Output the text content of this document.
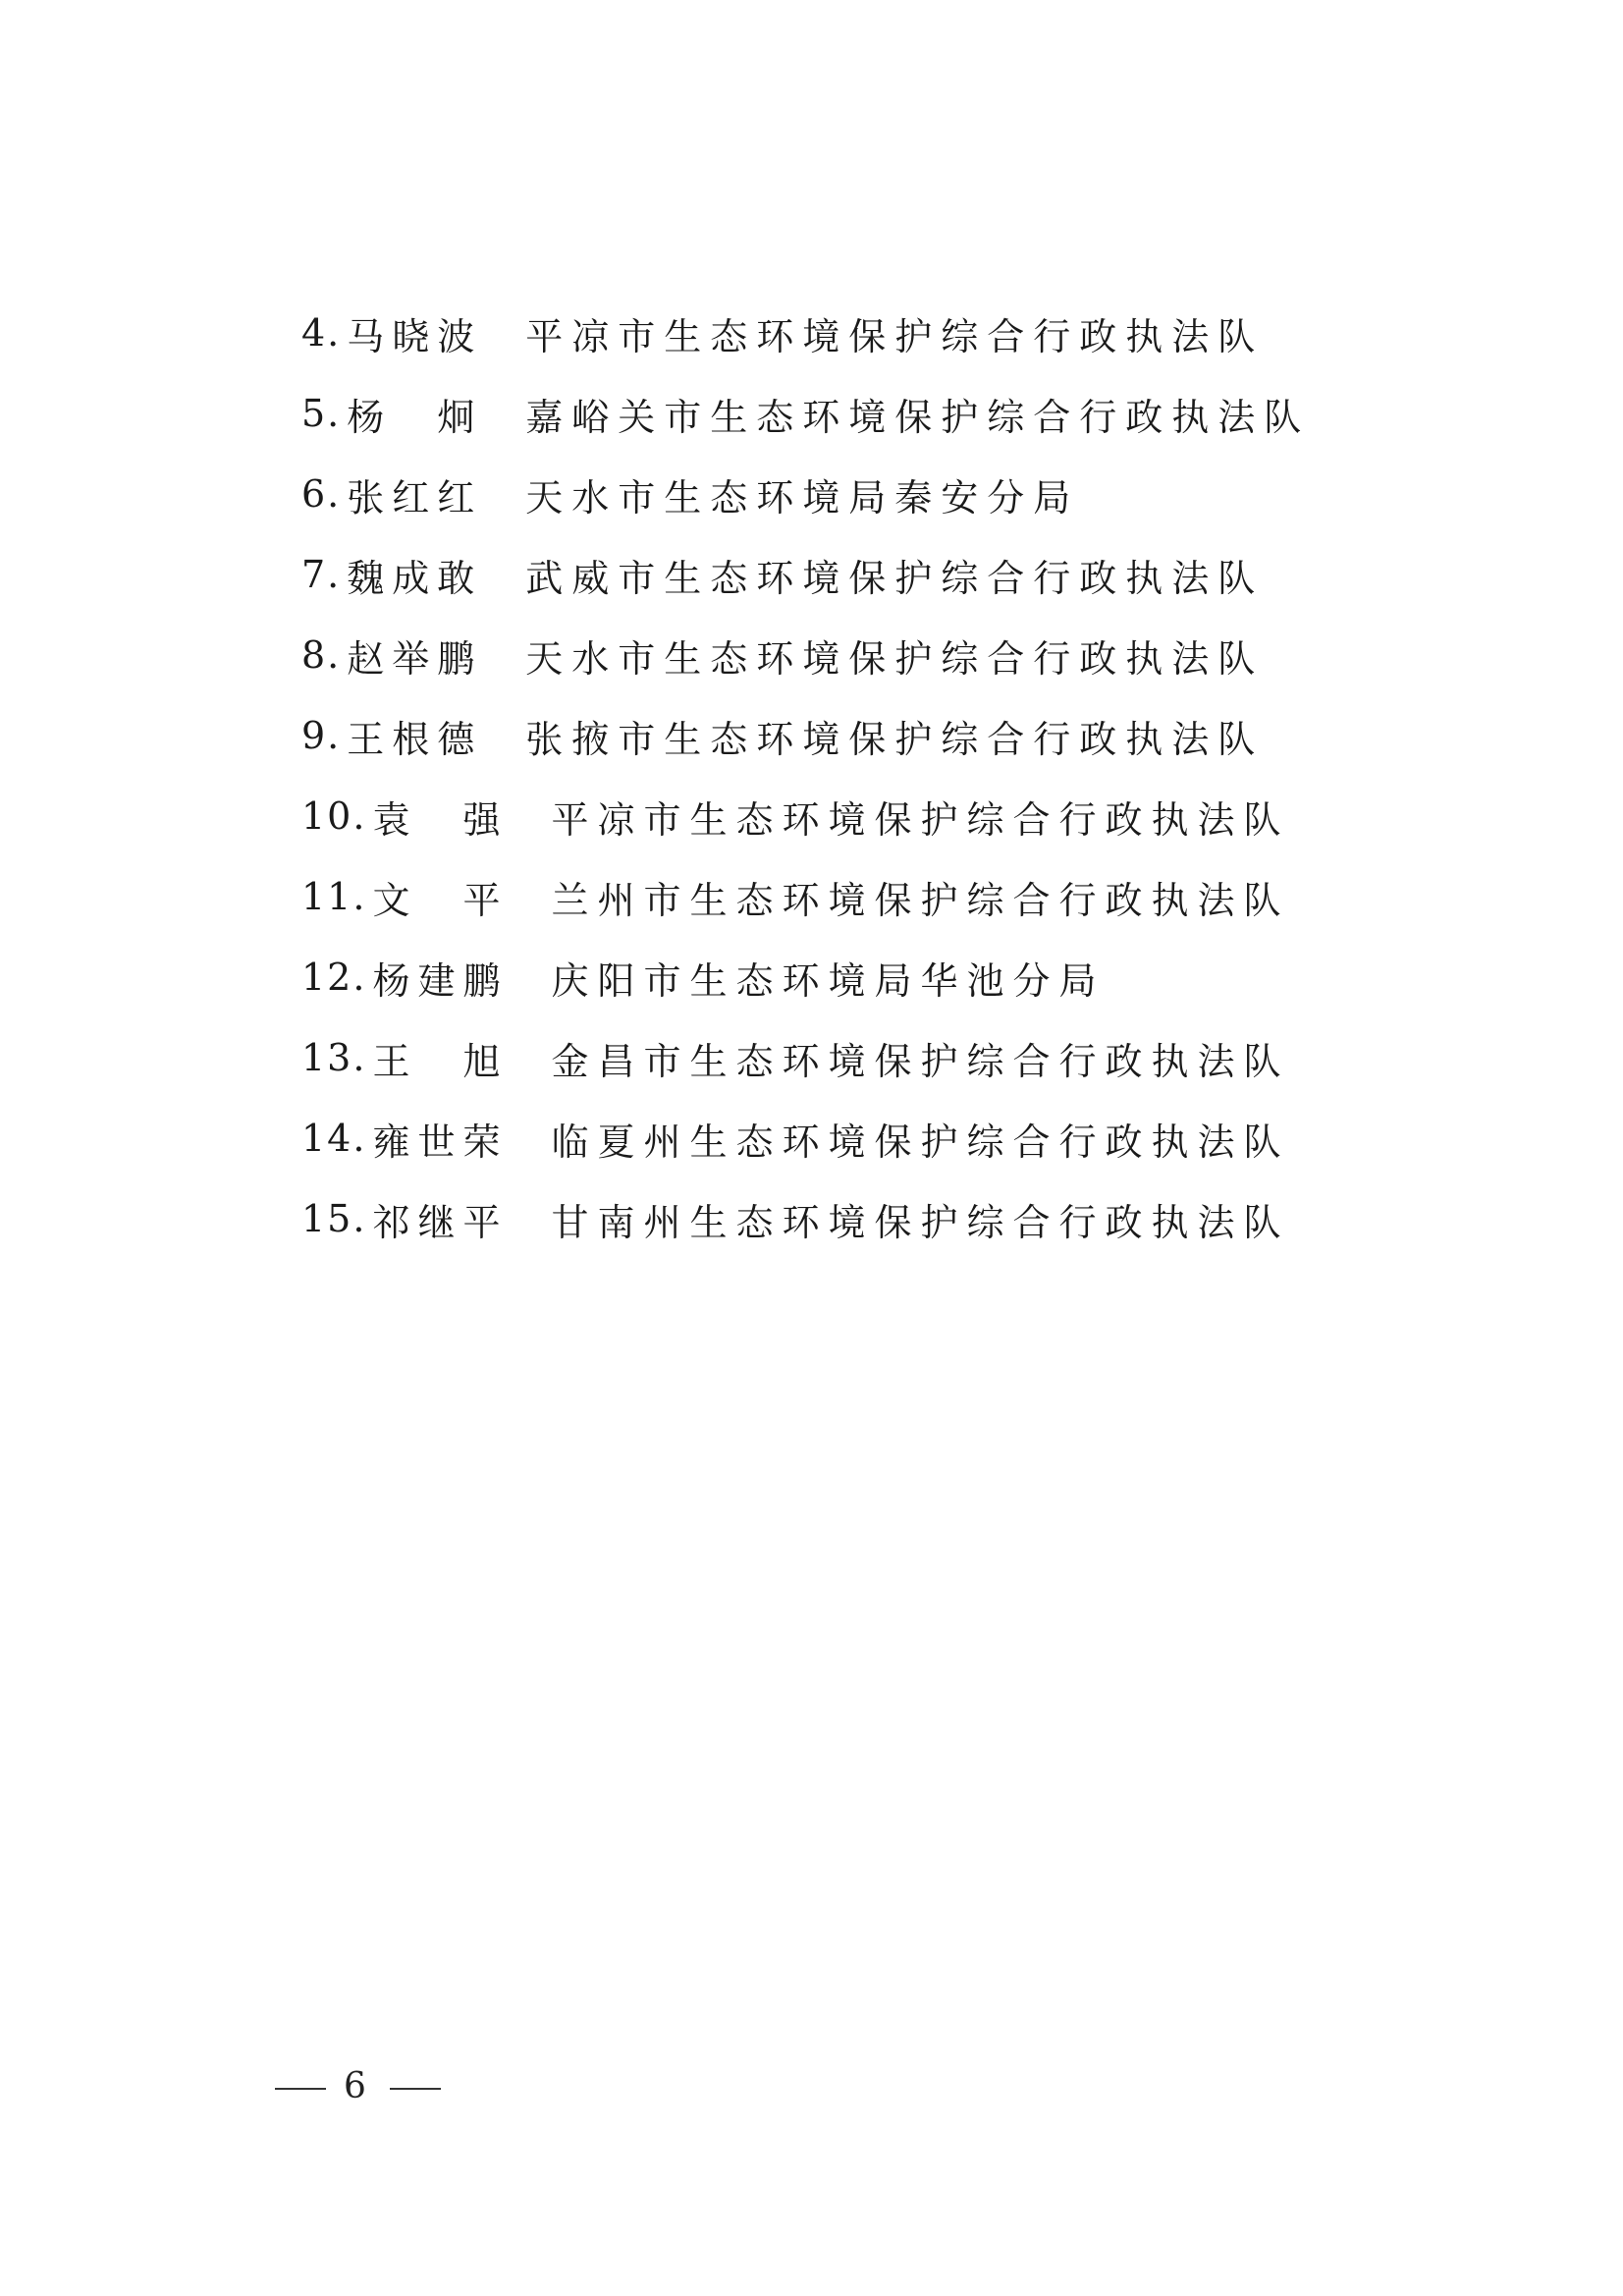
4. 马晓波	平凉市生态环境保护综合行政执法队
5. 杨　炯	嘉峪关市生态环境保护综合行政执法队
6. 张红红	天水市生态环境局秦安分局
7. 魏成敢	武威市生态环境保护综合行政执法队
8. 赵举鹏	天水市生态环境保护综合行政执法队
9. 王根德	张掖市生态环境保护综合行政执法队
10. 袁　强	平凉市生态环境保护综合行政执法队
11. 文　平	兰州市生态环境保护综合行政执法队
12. 杨建鹏	庆阳市生态环境局华池分局
13. 王　旭	金昌市生态环境保护综合行政执法队
14. 雍世荣	临夏州生态环境保护综合行政执法队
15. 祁继平	甘南州生态环境保护综合行政执法队
6
